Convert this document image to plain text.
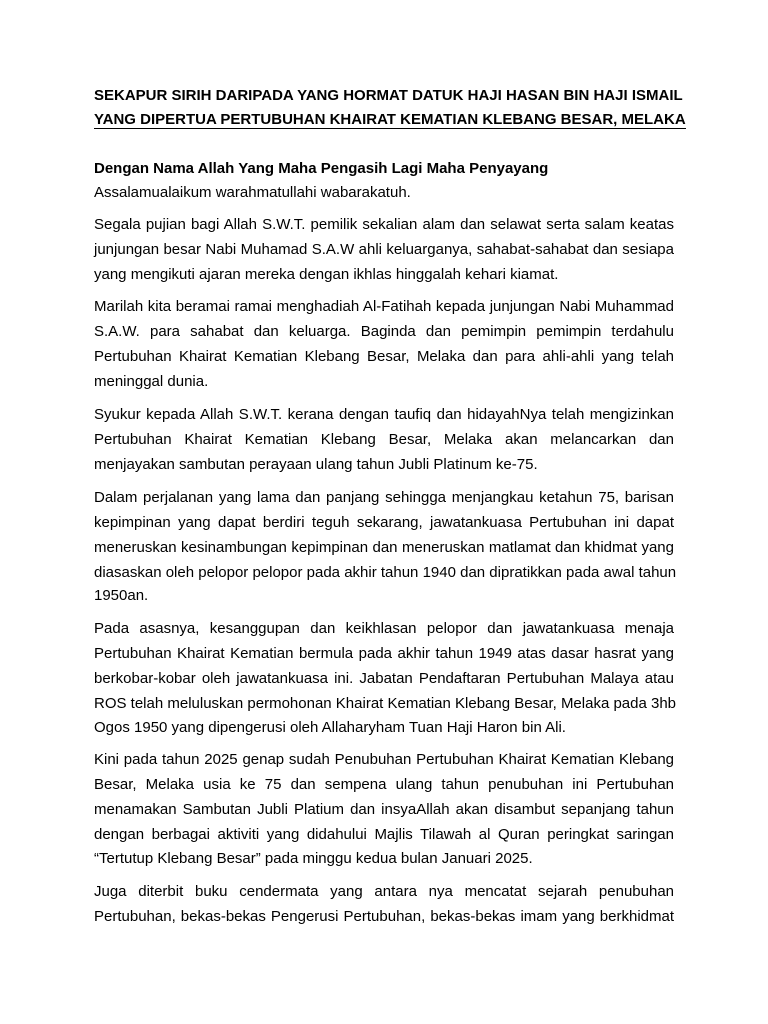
SEKAPUR SIRIH DARIPADA YANG HORMAT DATUK HAJI HASAN BIN HAJI ISMAIL
YANG DIPERTUA PERTUBUHAN KHAIRAT KEMATIAN KLEBANG BESAR, MELAKA
Dengan Nama Allah Yang Maha Pengasih Lagi Maha Penyayang
Assalamualaikum warahmatullahi wabarakatuh.
Segala pujian bagi Allah S.W.T. pemilik sekalian alam dan selawat serta salam keatas
junjungan besar Nabi Muhamad S.A.W ahli keluarganya, sahabat-sahabat dan sesiapa
yang mengikuti ajaran mereka dengan ikhlas hinggalah kehari kiamat.
Marilah kita beramai ramai menghadiah Al-Fatihah kepada junjungan Nabi Muhammad
S.A.W. para sahabat dan keluarga. Baginda dan pemimpin pemimpin terdahulu
Pertubuhan Khairat Kematian Klebang Besar, Melaka dan para ahli-ahli yang telah
meninggal dunia.
Syukur kepada Allah S.W.T. kerana dengan taufiq dan hidayahNya telah mengizinkan
Pertubuhan Khairat Kematian Klebang Besar, Melaka akan melancarkan dan
menjayakan sambutan perayaan ulang tahun Jubli Platinum ke-75.
Dalam perjalanan yang lama dan panjang sehingga menjangkau ketahun 75, barisan
kepimpinan yang dapat berdiri teguh sekarang, jawatankuasa Pertubuhan ini dapat
meneruskan kesinambungan kepimpinan dan meneruskan matlamat dan khidmat yang
diasaskan oleh pelopor pelopor pada akhir tahun 1940 dan dipratikkan pada awal tahun
1950an.
Pada asasnya, kesanggupan dan keikhlasan pelopor dan jawatankuasa menaja
Pertubuhan Khairat Kematian bermula pada akhir tahun 1949 atas dasar hasrat yang
berkobar-kobar oleh jawatankuasa ini. Jabatan Pendaftaran Pertubuhan Malaya atau
ROS telah meluluskan permohonan Khairat Kematian Klebang Besar, Melaka pada 3hb
Ogos 1950 yang dipengerusi oleh Allaharyham Tuan Haji Haron bin Ali.
Kini pada tahun 2025 genap sudah Penubuhan Pertubuhan Khairat Kematian Klebang
Besar, Melaka usia ke 75 dan sempena ulang tahun penubuhan ini Pertubuhan
menamakan Sambutan Jubli Platium dan insyaAllah akan disambut sepanjang tahun
dengan berbagai aktiviti yang didahului Majlis Tilawah al Quran peringkat saringan
“Tertutup Klebang Besar” pada minggu kedua bulan Januari 2025.
Juga diterbit buku cendermata yang antara nya mencatat sejarah penubuhan
Pertubuhan, bekas-bekas Pengerusi Pertubuhan, bekas-bekas imam yang berkhidmat
